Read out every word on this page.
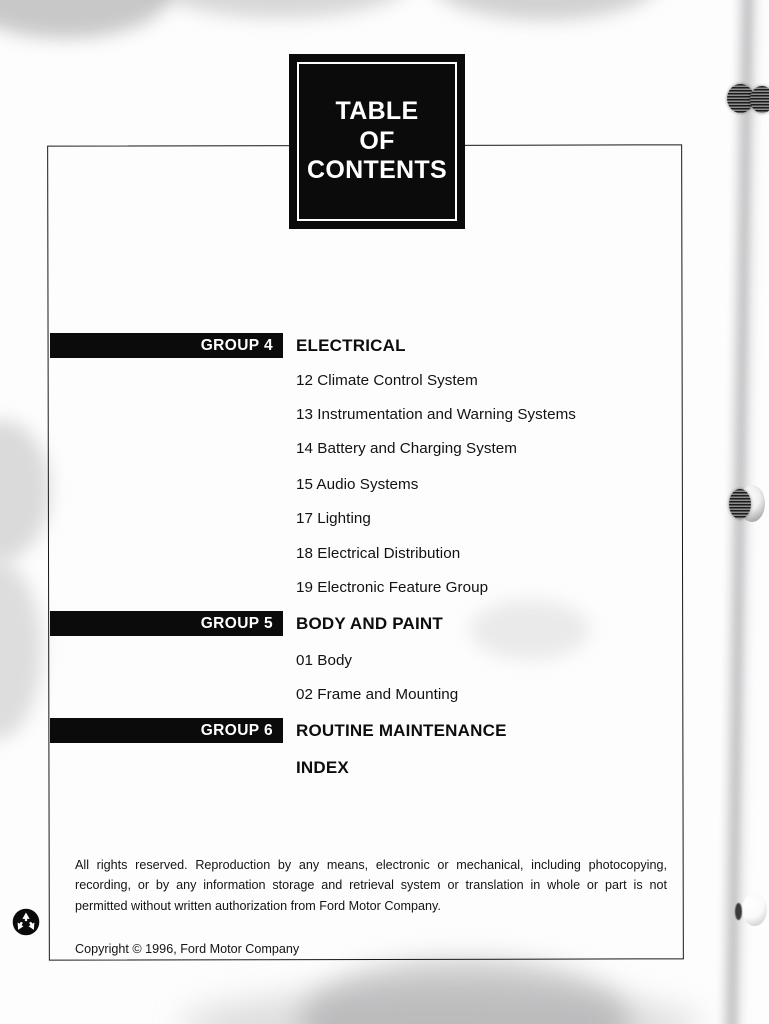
TABLE
OF
CONTENTS
GROUP 4 ELECTRICAL
12 Climate Control System
13 Instrumentation and Warning Systems
14 Battery and Charging System
15 Audio Systems
17 Lighting
18 Electrical Distribution
19 Electronic Feature Group
GROUP 5 BODY AND PAINT
01 Body
02 Frame and Mounting
GROUP 6 ROUTINE MAINTENANCE
INDEX

All rights reserved. Reproduction by any means, electronic or mechanical, including photocopying, recording, or by any information storage and retrieval system or translation in whole or part is not permitted without written authorization from Ford Motor Company.

Copyright © 1996, Ford Motor Company
